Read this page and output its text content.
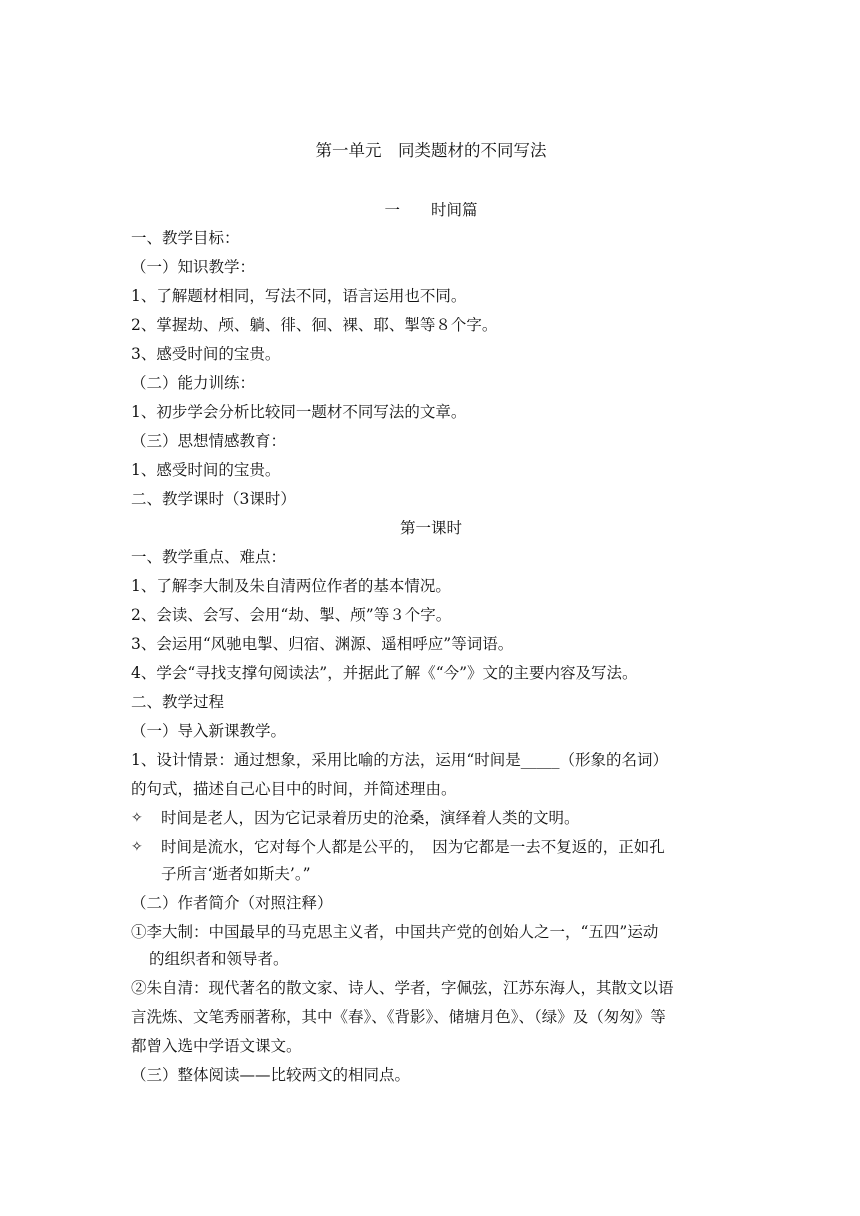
第一单元　同类题材的不同写法
一　　时间篇
一、教学目标：
（一）知识教学：
1、了解题材相同，写法不同，语言运用也不同。
2、掌握劫、颅、躺、徘、徊、裸、耶、掣等８个字。
3、感受时间的宝贵。
（二）能力训练：
1、初步学会分析比较同一题材不同写法的文章。
（三）思想情感教育：
1、感受时间的宝贵。
二、教学课时（3课时）
第一课时
一、教学重点、难点：
1、了解李大制及朱自清两位作者的基本情况。
2、会读、会写、会用“劫、掣、颅”等３个字。
3、会运用“风驰电掣、归宿、渊源、遥相呼应”等词语。
4、学会“寻找支撑句阅读法”，并据此了解《“今”》文的主要内容及写法。
二、教学过程
（一）导入新课教学。
1、设计情景：通过想象，采用比喻的方法，运用“时间是_____（形象的名词）
的句式，描述自己心目中的时间，并简述理由。
✧ 时间是老人，因为它记录着历史的沧桑，演绎着人类的文明。
✧ 时间是流水，它对每个人都是公平的，　因为它都是一去不复返的，正如孔
子所言‘逝者如斯夫’。”
（二）作者简介（对照注释）
①李大制：中国最早的马克思主义者，中国共产党的创始人之一，“五四”运动
的组织者和领导者。
②朱自清：现代著名的散文家、诗人、学者，字佩弦，江苏东海人，其散文以语
言洗炼、文笔秀丽著称，其中《春》、《背影》、储塘月色》、（绿》及（匆匆》等
都曾入选中学语文课文。
（三）整体阅读——比较两文的相同点。
